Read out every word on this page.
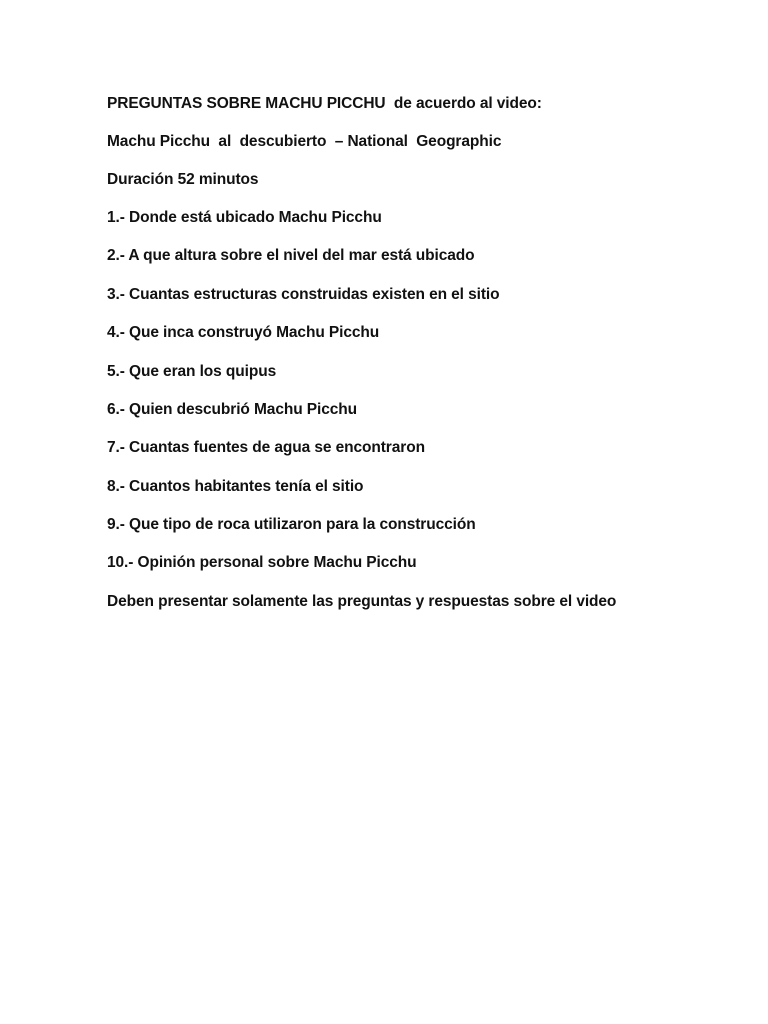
PREGUNTAS SOBRE MACHU PICCHU  de acuerdo al video:
Machu Picchu  al  descubierto  – National  Geographic
Duración 52 minutos
1.- Donde está ubicado Machu Picchu
2.- A que altura sobre el nivel del mar está ubicado
3.- Cuantas estructuras construidas existen en el sitio
4.- Que inca construyó Machu Picchu
5.- Que eran los quipus
6.- Quien descubrió Machu Picchu
7.- Cuantas fuentes de agua se encontraron
8.- Cuantos habitantes tenía el sitio
9.- Que tipo de roca utilizaron para la construcción
10.- Opinión personal sobre Machu Picchu
Deben presentar solamente las preguntas y respuestas sobre el video
